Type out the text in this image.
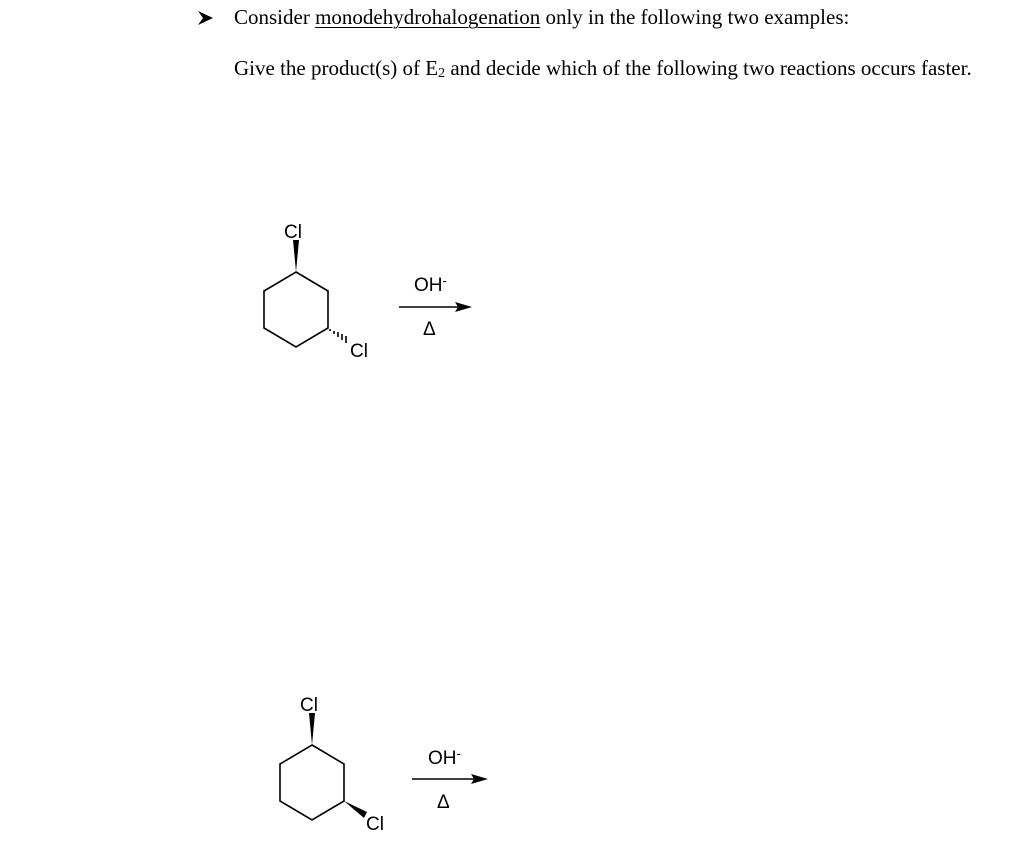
Consider monodehydrohalogenation only in the following two examples:
Give the product(s) of $E_2$ and decide which of the following two reactions occurs faster.
Cl
Cl
OH-
Δ
Cl
Cl
OH-
Δ
